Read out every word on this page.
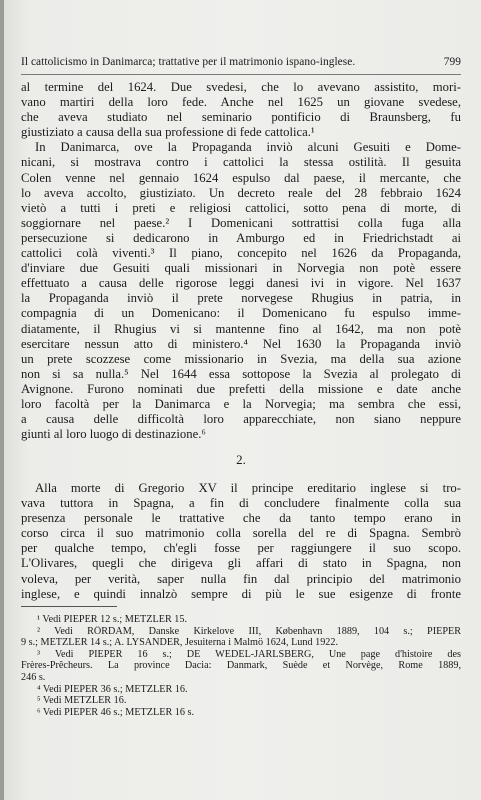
Il cattolicismo in Danimarca; trattative per il matrimonio ispano-inglese.	799
al termine del 1624. Due svedesi, che lo avevano assistito, mori-
vano martiri della loro fede. Anche nel 1625 un giovane svedese,
che aveva studiato nel seminario pontificio di Braunsberg, fu
giustiziato a causa della sua professione di fede cattolica.¹
In Danimarca, ove la Propaganda inviò alcuni Gesuiti e Dome-
nicani, si mostrava contro i cattolici la stessa ostilità. Il gesuita
Colen venne nel gennaio 1624 espulso dal paese, il mercante, che
lo aveva accolto, giustiziato. Un decreto reale del 28 febbraio 1624
vietò a tutti i preti e religiosi cattolici, sotto pena di morte, di
soggiornare nel paese.² I Domenicani sottrattisi colla fuga alla
persecuzione si dedicarono in Amburgo ed in Friedrichstadt ai
cattolici colà viventi.³ Il piano, concepito nel 1626 da Propaganda,
d'inviare due Gesuiti quali missionari in Norvegia non potè essere
effettuato a causa delle rigorose leggi danesi ivi in vigore. Nel 1637
la Propaganda inviò il prete norvegese Rhugius in patria, in
compagnia di un Domenicano: il Domenicano fu espulso imme-
diatamente, il Rhugius vi si mantenne fino al 1642, ma non potè
esercitare nessun atto di ministero.⁴ Nel 1630 la Propaganda inviò
un prete scozzese come missionario in Svezia, ma della sua azione
non si sa nulla.⁵ Nel 1644 essa sottopose la Svezia al prolegato di
Avignone. Furono nominati due prefetti della missione e date anche
loro facoltà per la Danimarca e la Norvegia; ma sembra che essi,
a causa delle difficoltà loro apparecchiate, non siano neppure
giunti al loro luogo di destinazione.⁶
2.
Alla morte di Gregorio XV il principe ereditario inglese si tro-
vava tuttora in Spagna, a fin di concludere finalmente colla sua
presenza personale le trattative che da tanto tempo erano in
corso circa il suo matrimonio colla sorella del re di Spagna. Sembrò
per qualche tempo, ch'egli fosse per raggiungere il suo scopo.
L'Olivares, quegli che dirigeva gli affari di stato in Spagna, non
voleva, per verità, saper nulla fin dal principio del matrimonio
inglese, e quindi innalzò sempre di più le sue esigenze di fronte
¹ Vedi PIEPER 12 s.; METZLER 15.
² Vedi RÖRDAM, Danske Kirkelove III, København 1889, 104 s.; PIEPER
9 s.; METZLER 14 s.; A. LYSANDER, Jesuiterna i Malmö 1624, Lund 1922.
³ Vedi PIEPER 16 s.; DE WEDEL-JARLSBERG, Une page d'histoire des
Frères-Prêcheurs. La province Dacia: Danmark, Suède et Norvège, Rome 1889,
246 s.
⁴ Vedi PIEPER 36 s.; METZLER 16.
⁵ Vedi METZLER 16.
⁶ Vedi PIEPER 46 s.; METZLER 16 s.
